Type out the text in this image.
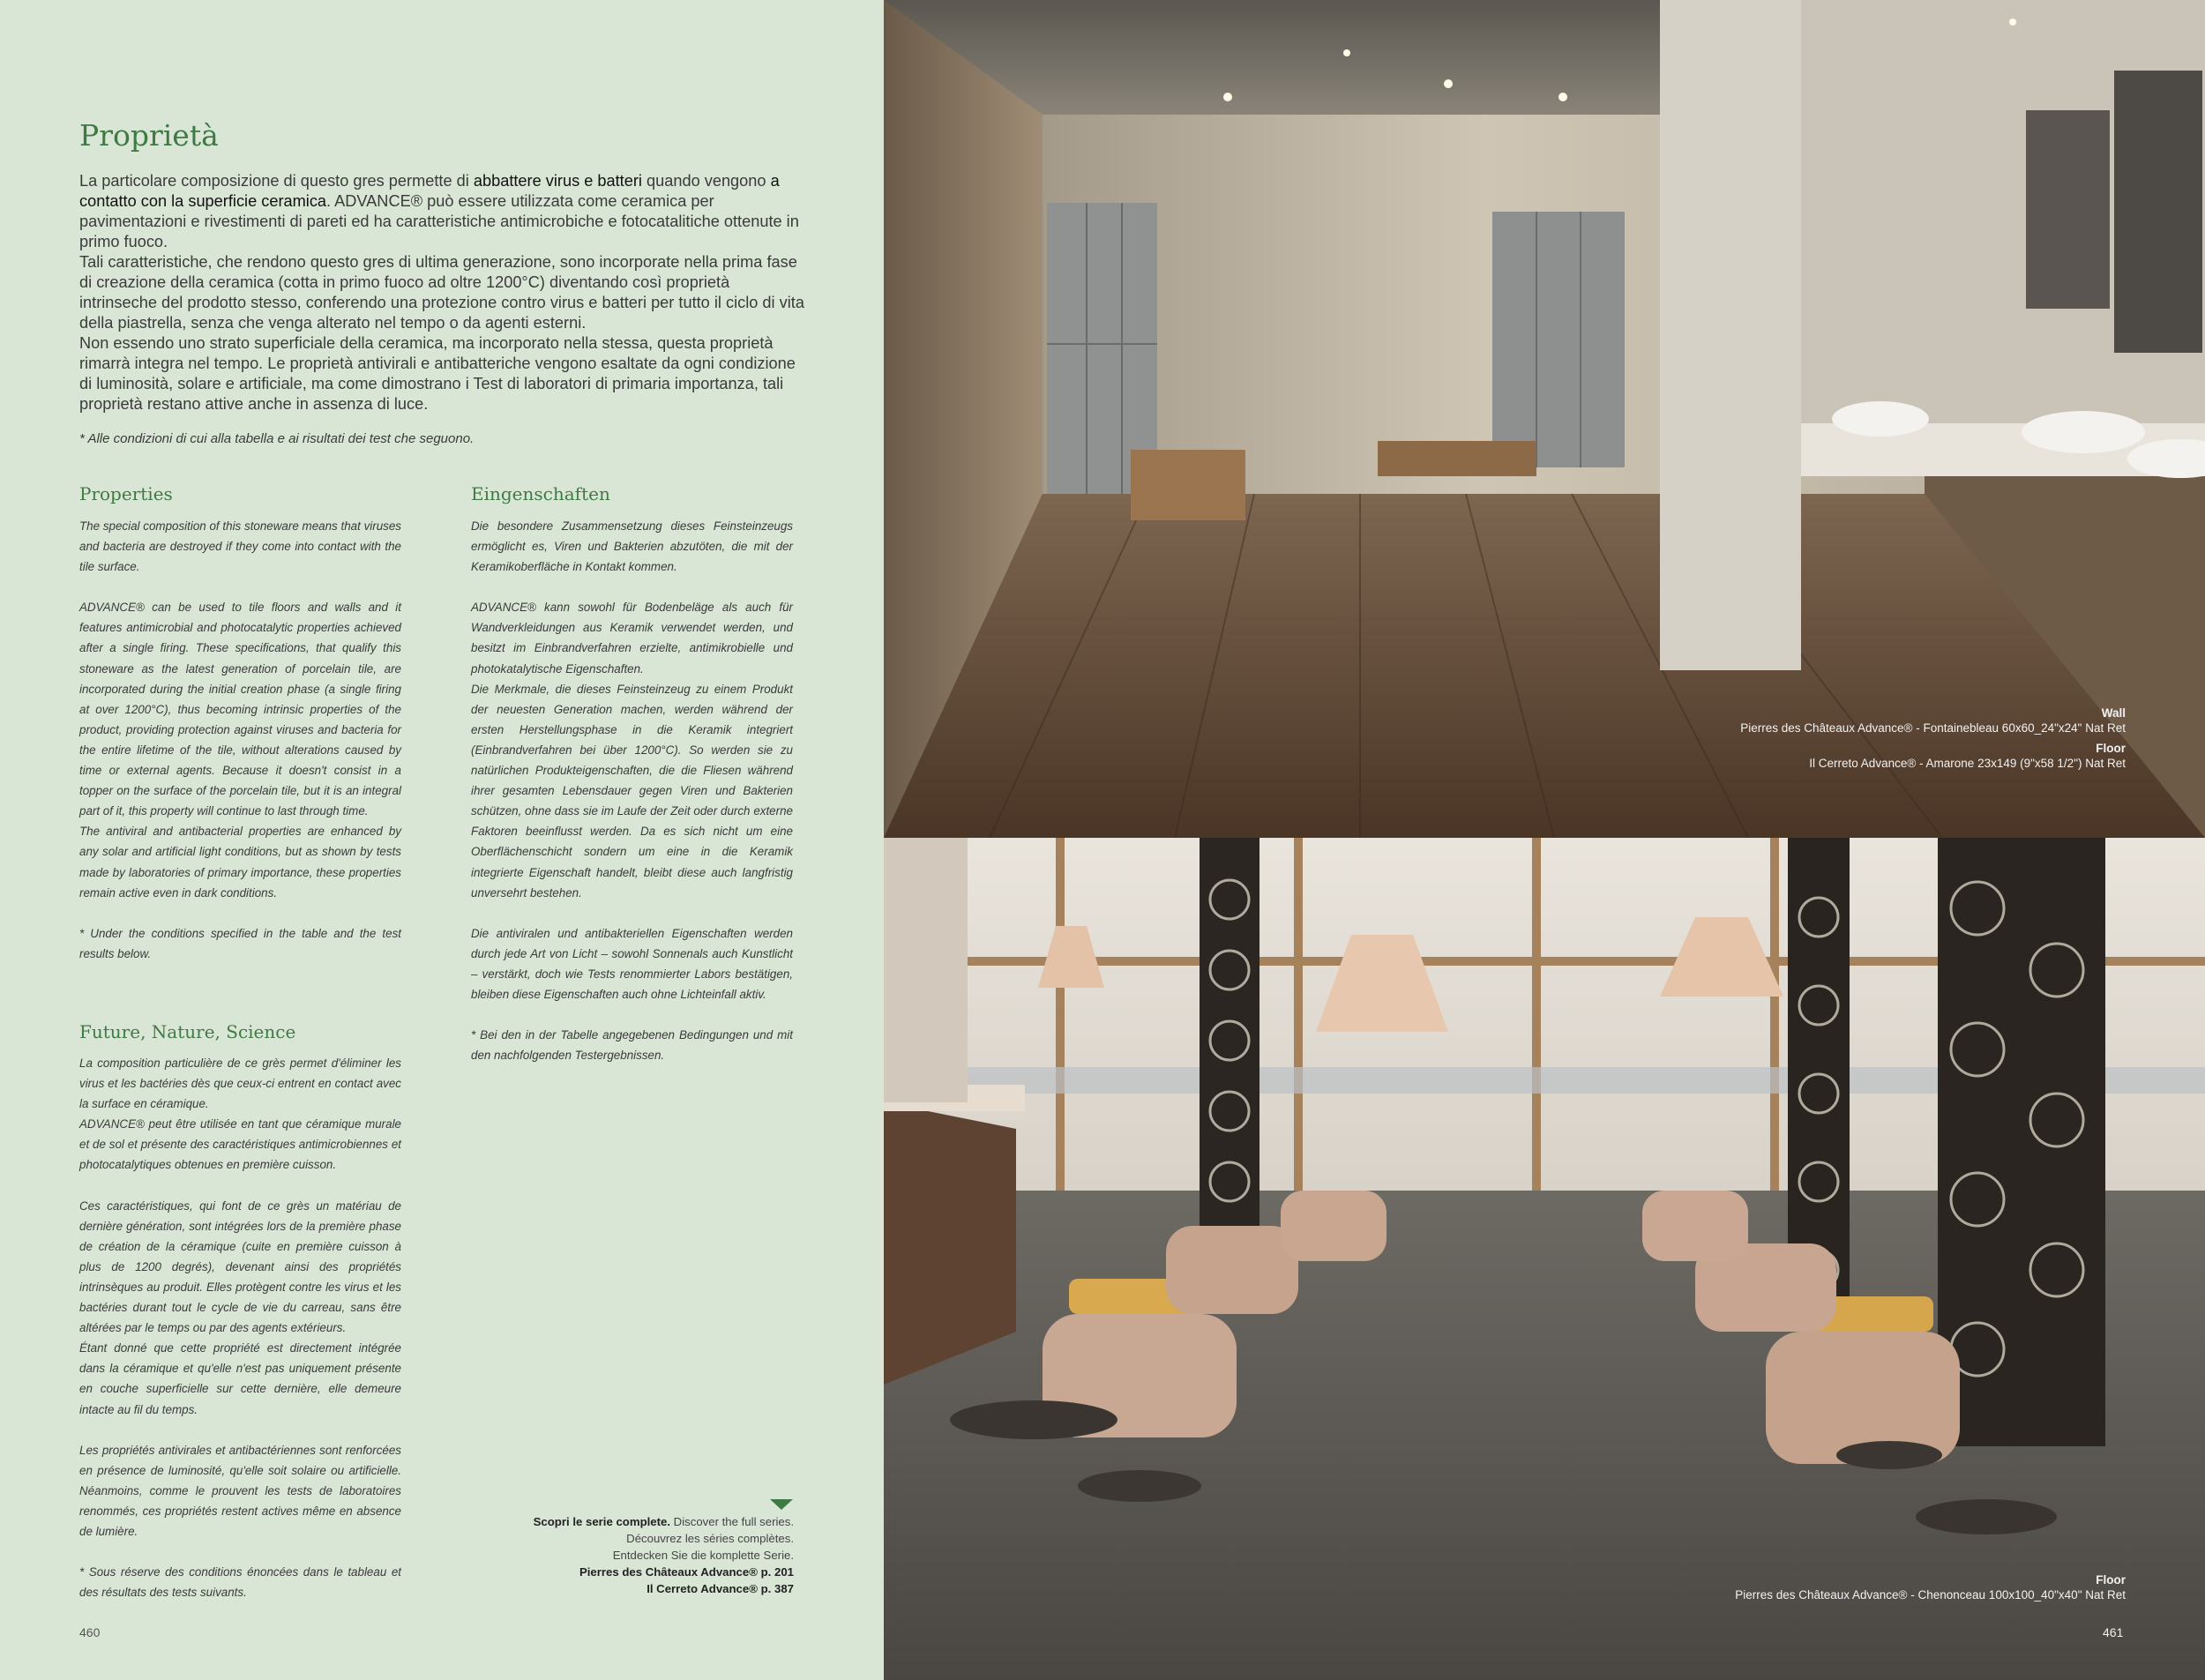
Proprietà

La particolare composizione di questo gres permette di abbattere virus e batteri quando vengono a contatto con la superficie ceramica. ADVANCE® può essere utilizzata come ceramica per pavimentazioni e rivestimenti di pareti ed ha caratteristiche antimicrobiche e fotocatalitiche ottenute in primo fuoco.

Tali caratteristiche, che rendono questo gres di ultima generazione, sono incorporate nella prima fase di creazione della ceramica (cotta in primo fuoco ad oltre 1200°C) diventando così proprietà intrinseche del prodotto stesso, conferendo una protezione contro virus e batteri per tutto il ciclo di vita della piastrella, senza che venga alterato nel tempo o da agenti esterni.

Non essendo uno strato superficiale della ceramica, ma incorporato nella stessa, questa proprietà rimarrà integra nel tempo. Le proprietà antivirali e antibatteriche vengono esaltate da ogni condizione di luminosità, solare e artificiale, ma come dimostrano i Test di laboratori di primaria importanza, tali proprietà restano attive anche in assenza di luce.

* Alle condizioni di cui alla tabella e ai risultati dei test che seguono.
Properties

The special composition of this stoneware means that viruses and bacteria are destroyed if they come into contact with the tile surface.

ADVANCE® can be used to tile floors and walls and it features antimicrobial and photocatalytic properties achieved after a single firing. These specifications, that qualify this stoneware as the latest generation of porcelain tile, are incorporated during the initial creation phase (a single firing at over 1200°C), thus becoming intrinsic properties of the product, providing protection against viruses and bacteria for the entire lifetime of the tile, without alterations caused by time or external agents. Because it doesn't consist in a topper on the surface of the porcelain tile, but it is an integral part of it, this property will continue to last through time.

The antiviral and antibacterial properties are enhanced by any solar and artificial light conditions, but as shown by tests made by laboratories of primary importance, these properties remain active even in dark conditions.

* Under the conditions specified in the table and the test results below.

Future, Nature, Science

La composition particulière de ce grès permet d'éliminer les virus et les bactéries dès que ceux-ci entrent en contact avec la surface en céramique.

ADVANCE® peut être utilisée en tant que céramique murale et de sol et présente des caractéristiques antimicrobiennes et photocatalytiques obtenues en première cuisson.

Ces caractéristiques, qui font de ce grès un matériau de dernière génération, sont intégrées lors de la première phase de création de la céramique (cuite en première cuisson à plus de 1200 degrés), devenant ainsi des propriétés intrinsèques au produit. Elles protègent contre les virus et les bactéries durant tout le cycle de vie du carreau, sans être altérées par le temps ou par des agents extérieurs.

Étant donné que cette propriété est directement intégrée dans la céramique et qu'elle n'est pas uniquement présente en couche superficielle sur cette dernière, elle demeure intacte au fil du temps.

Les propriétés antivirales et antibactériennes sont renforcées en présence de luminosité, qu'elle soit solaire ou artificielle. Néanmoins, comme le prouvent les tests de laboratoires renommés, ces propriétés restent actives même en absence de lumière.

* Sous réserve des conditions énoncées dans le tableau et des résultats des tests suivants.

Eingenschaften

Die besondere Zusammensetzung dieses Feinsteinzeugs ermöglicht es, Viren und Bakterien abzutöten, die mit der Keramikoberfläche in Kontakt kommen.

ADVANCE® kann sowohl für Bodenbeläge als auch für Wandverkleidungen aus Keramik verwendet werden, und besitzt im Einbrandverfahren erzielte, antimikrobielle und photokatalytische Eigenschaften.

Die Merkmale, die dieses Feinsteinzeug zu einem Produkt der neuesten Generation machen, werden während der ersten Herstellungsphase in die Keramik integriert (Einbrandverfahren bei über 1200°C). So werden sie zu natürlichen Produkteigenschaften, die die Fliesen während ihrer gesamten Lebensdauer gegen Viren und Bakterien schützen, ohne dass sie im Laufe der Zeit oder durch externe Faktoren beeinflusst werden. Da es sich nicht um eine Oberflächenschicht sondern um eine in die Keramik integrierte Eigenschaft handelt, bleibt diese auch langfristig unversehrt bestehen.

Die antiviralen und antibakteriellen Eigenschaften werden durch jede Art von Licht – sowohl Sonnenals auch Kunstlicht – verstärkt, doch wie Tests renommierter Labors bestätigen, bleiben diese Eigenschaften auch ohne Lichteinfall aktiv.

* Bei den in der Tabelle angegebenen Bedingungen und mit den nachfolgenden Testergebnissen.

Scopri le serie complete. Discover the full series.
Découvrez les séries complètes.
Entdecken Sie die komplette Serie.
Pierres des Châteaux Advance® p. 201
Il Cerreto Advance® p. 387
460
Wall
Pierres des Châteaux Advance® - Fontainebleau 60x60_24"x24" Nat Ret
Floor
Il Cerreto Advance® - Amarone 23x149 (9"x58 1/2") Nat Ret
Floor
Pierres des Châteaux Advance® - Chenonceau 100x100_40"x40" Nat Ret
461
